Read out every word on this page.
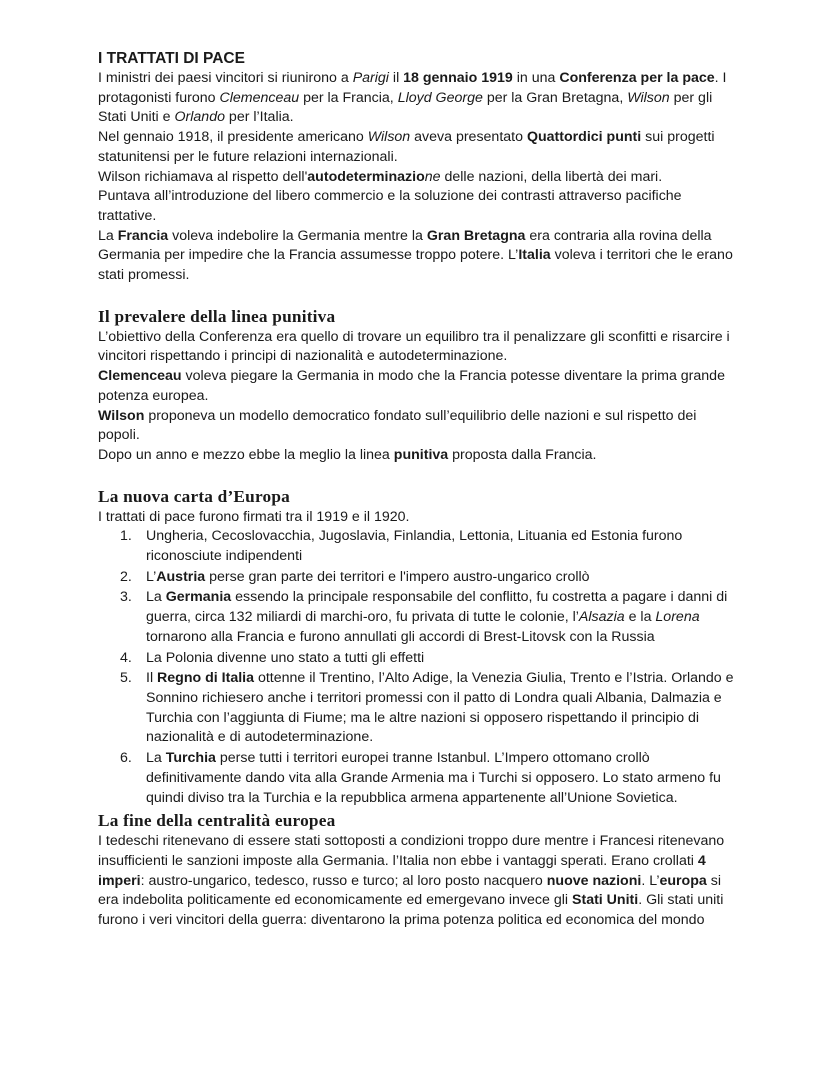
I TRATTATI DI PACE

I ministri dei paesi vincitori si riunirono a Parigi il 18 gennaio 1919 in una Conferenza per la pace. I protagonisti furono Clemenceau per la Francia, Lloyd George per la Gran Bretagna, Wilson per gli Stati Uniti e Orlando per l’Italia.

Nel gennaio 1918, il presidente americano Wilson aveva presentato Quattordici punti sui progetti statunitensi per le future relazioni internazionali.

Wilson richiamava al rispetto dell'autodeterminazione delle nazioni, della libertà dei mari.

Puntava all’introduzione del libero commercio e la soluzione dei contrasti attraverso pacifiche trattative.

La Francia voleva indebolire la Germania mentre la Gran Bretagna era contraria alla rovina della Germania per impedire che la Francia assumesse troppo potere. L’Italia voleva i territori che le erano stati promessi.

Il prevalere della linea punitiva

L’obiettivo della Conferenza era quello di trovare un equilibro tra il penalizzare gli sconfitti e risarcire i vincitori rispettando i principi di nazionalità e autodeterminazione.

Clemenceau voleva piegare la Germania in modo che la Francia potesse diventare la prima grande potenza europea.

Wilson proponeva un modello democratico fondato sull’equilibrio delle nazioni e sul rispetto dei popoli.

Dopo un anno e mezzo ebbe la meglio la linea punitiva proposta dalla Francia.

La nuova carta d’Europa

I trattati di pace furono firmati tra il 1919 e il 1920.

1. Ungheria, Cecoslovacchia, Jugoslavia, Finlandia, Lettonia, Lituania ed Estonia furono riconosciute indipendenti
2. L’Austria perse gran parte dei territori e l'impero austro-ungarico crollò
3. La Germania essendo la principale responsabile del conflitto, fu costretta a pagare i danni di guerra, circa 132 miliardi di marchi-oro, fu privata di tutte le colonie, l’Alsazia e la Lorena tornarono alla Francia e furono annullati gli accordi di Brest-Litovsk con la Russia
4. La Polonia divenne uno stato a tutti gli effetti
5. Il Regno di Italia ottenne il Trentino, l’Alto Adige, la Venezia Giulia, Trento e l’Istria. Orlando e Sonnino richiesero anche i territori promessi con il patto di Londra quali Albania, Dalmazia e Turchia con l’aggiunta di Fiume; ma le altre nazioni si opposero rispettando il principio di nazionalità e di autodeterminazione.
6. La Turchia perse tutti i territori europei tranne Istanbul. L’Impero ottomano crollò definitivamente dando vita alla Grande Armenia ma i Turchi si opposero. Lo stato armeno fu quindi diviso tra la Turchia e la repubblica armena appartenente all’Unione Sovietica.
La fine della centralità europea

I tedeschi ritenevano di essere stati sottoposti a condizioni troppo dure mentre i Francesi ritenevano insufficienti le sanzioni imposte alla Germania. l’Italia non ebbe i vantaggi sperati. Erano crollati 4 imperi: austro-ungarico, tedesco, russo e turco; al loro posto nacquero nuove nazioni. L’europa si era indebolita politicamente ed economicamente ed emergevano invece gli Stati Uniti. Gli stati uniti furono i veri vincitori della guerra: diventarono la prima potenza politica ed economica del mondo
